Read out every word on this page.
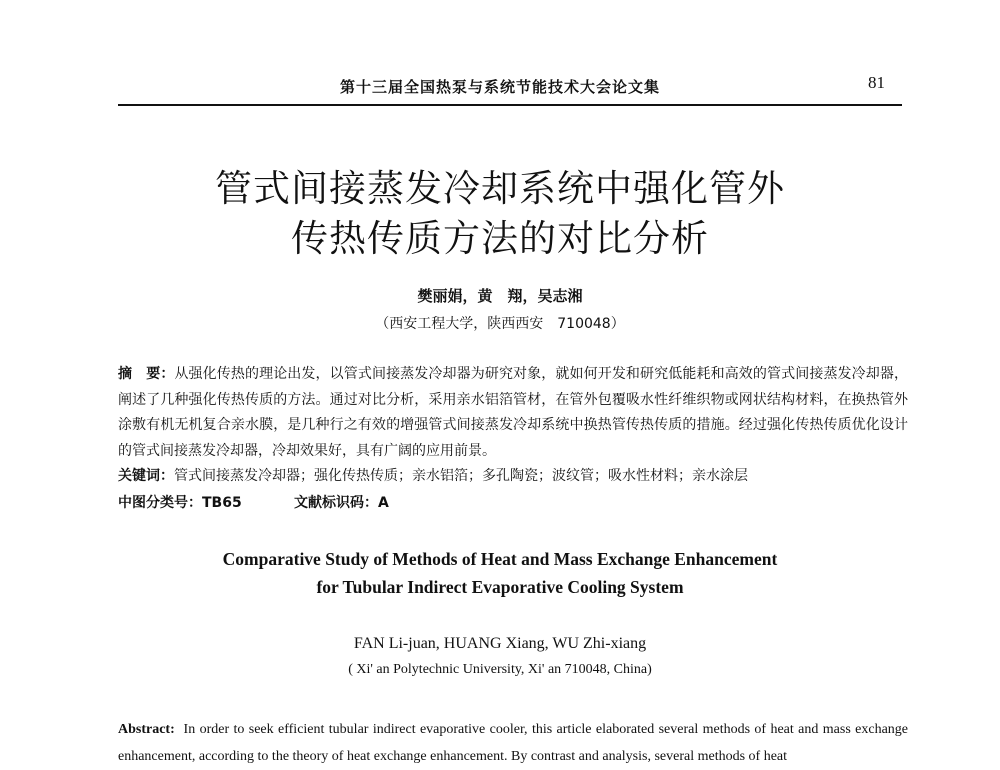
第十三届全国热泵与系统节能技术大会论文集	81
管式间接蒸发冷却系统中强化管外
传热传质方法的对比分析
樊丽娟，黄　翔，吴志湘
（西安工程大学，陕西西安　710048）
摘　要：从强化传热的理论出发，以管式间接蒸发冷却器为研究对象，就如何开发和研究低能耗和高效的管式间接蒸发冷却器，阐述了几种强化传热传质的方法。通过对比分析，采用亲水铝箔管材，在管外包覆吸水性纤维织物或网状结构材料，在换热管外涂敷有机无机复合亲水膜，是几种行之有效的增强管式间接蒸发冷却系统中换热管传热传质的措施。经过强化传热传质优化设计的管式间接蒸发冷却器，冷却效果好，具有广阔的应用前景。
关键词：管式间接蒸发冷却器；强化传热传质；亲水铝箔；多孔陶瓷；波纹管；吸水性材料；亲水涂层
中图分类号：TB65	文献标识码：A
Comparative Study of Methods of Heat and Mass Exchange Enhancement
for Tubular Indirect Evaporative Cooling System
FAN Li-juan, HUANG Xiang, WU Zhi-xiang
( Xi' an Polytechnic University, Xi' an 710048, China)
Abstract: In order to seek efficient tubular indirect evaporative cooler, this article elaborated several methods of heat and mass exchange enhancement, according to the theory of heat exchange enhancement. By contrast and analysis, several methods of heat
